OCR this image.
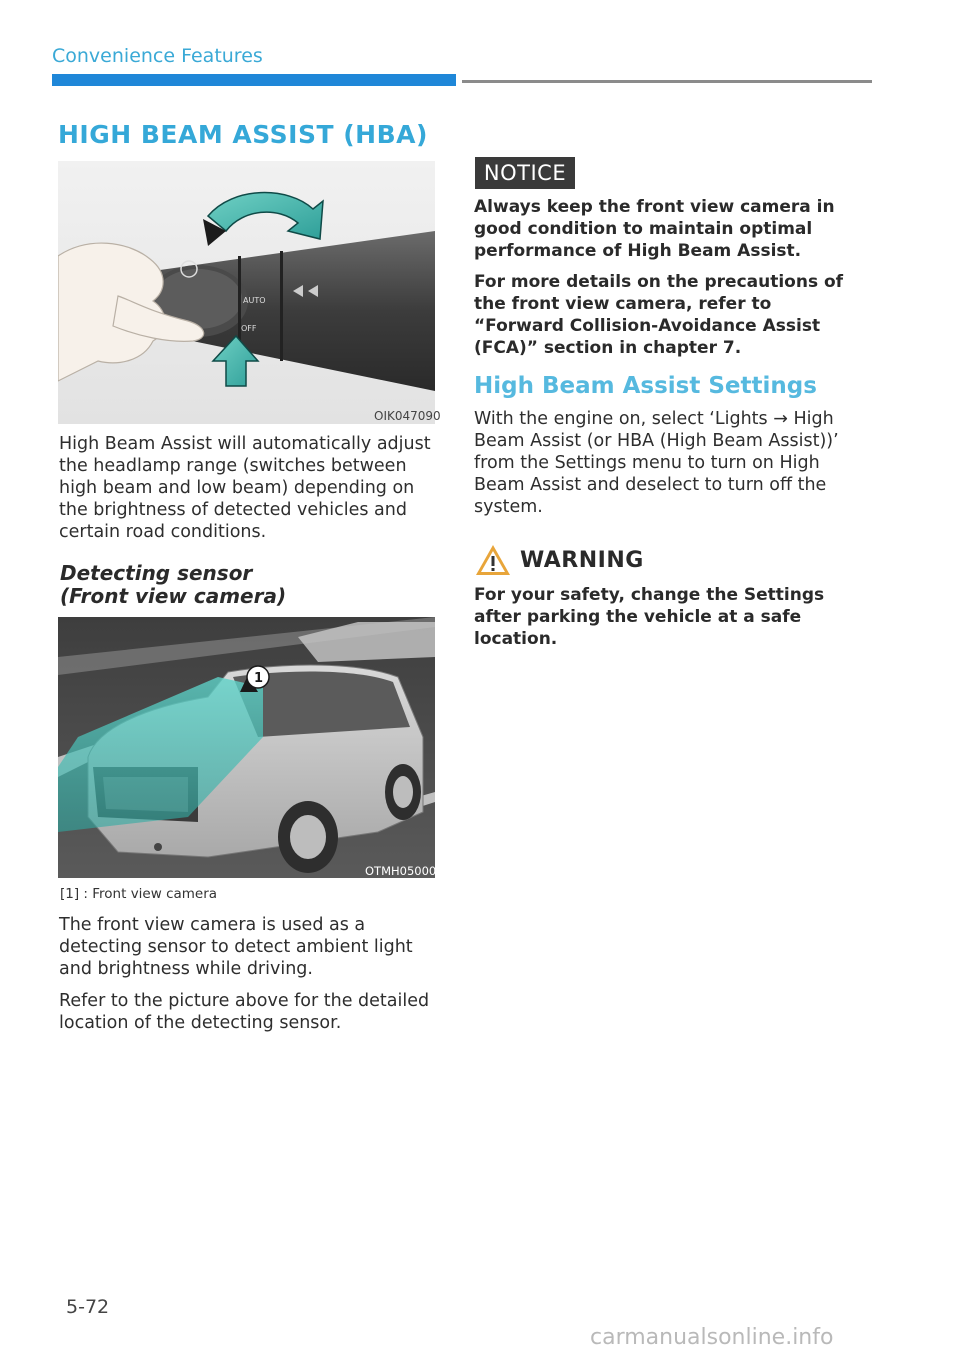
Convenience Features
HIGH BEAM ASSIST (HBA)
AUTO
OFF
OIK047090

High Beam Assist will automatically adjust the headlamp range (switches between high beam and low beam) depending on the brightness of detected vehicles and certain road conditions.

Detecting sensor
(Front view camera)
1
OTMH050004
[1] : Front view camera

The front view camera is used as a detecting sensor to detect ambient light and brightness while driving.

Refer to the picture above for the detailed location of the detecting sensor.

NOTICE

Always keep the front view camera in good condition to maintain optimal performance of High Beam Assist.

For more details on the precautions of the front view camera, refer to “Forward Collision-Avoidance Assist (FCA)” section in chapter 7.

High Beam Assist Settings
With the engine on, select ‘Lights → High Beam Assist (or HBA (High Beam Assist))’ from the Settings menu to turn on High Beam Assist and deselect to turn off the system.
WARNING
For your safety, change the Settings after parking the vehicle at a safe location.
5-72
carmanualsonline.info
